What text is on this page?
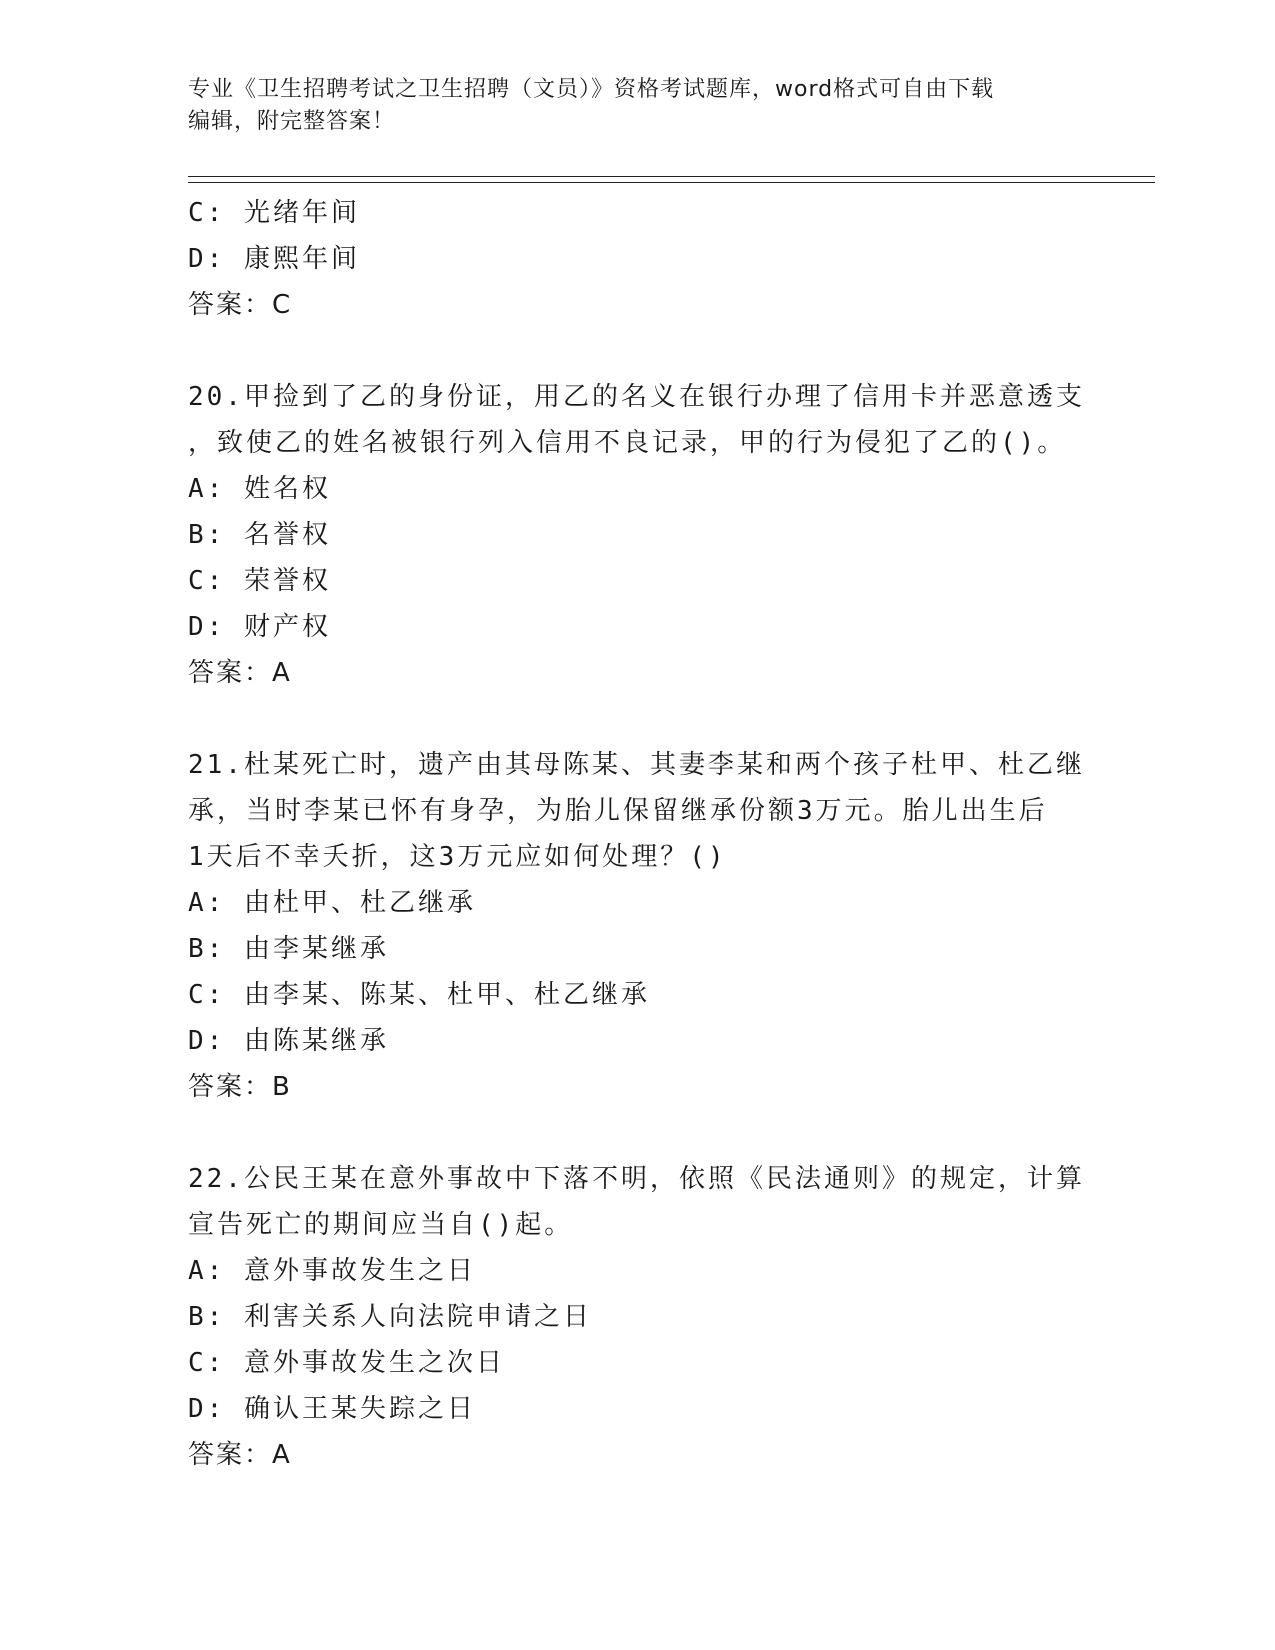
专业《卫生招聘考试之卫生招聘（文员）》资格考试题库，word格式可自由下载
编辑，附完整答案！
C: 光绪年间
D: 康熙年间
答案：C
20.甲捡到了乙的身份证，用乙的名义在银行办理了信用卡并恶意透支
，致使乙的姓名被银行列入信用不良记录，甲的行为侵犯了乙的()。
A: 姓名权
B: 名誉权
C: 荣誉权
D: 财产权
答案：A
21.杜某死亡时，遗产由其母陈某、其妻李某和两个孩子杜甲、杜乙继
承，当时李某已怀有身孕，为胎儿保留继承份额3万元。胎儿出生后
1天后不幸夭折，这3万元应如何处理？()
A: 由杜甲、杜乙继承
B: 由李某继承
C: 由李某、陈某、杜甲、杜乙继承
D: 由陈某继承
答案：B
22.公民王某在意外事故中下落不明，依照《民法通则》的规定，计算
宣告死亡的期间应当自()起。
A: 意外事故发生之日
B: 利害关系人向法院申请之日
C: 意外事故发生之次日
D: 确认王某失踪之日
答案：A
